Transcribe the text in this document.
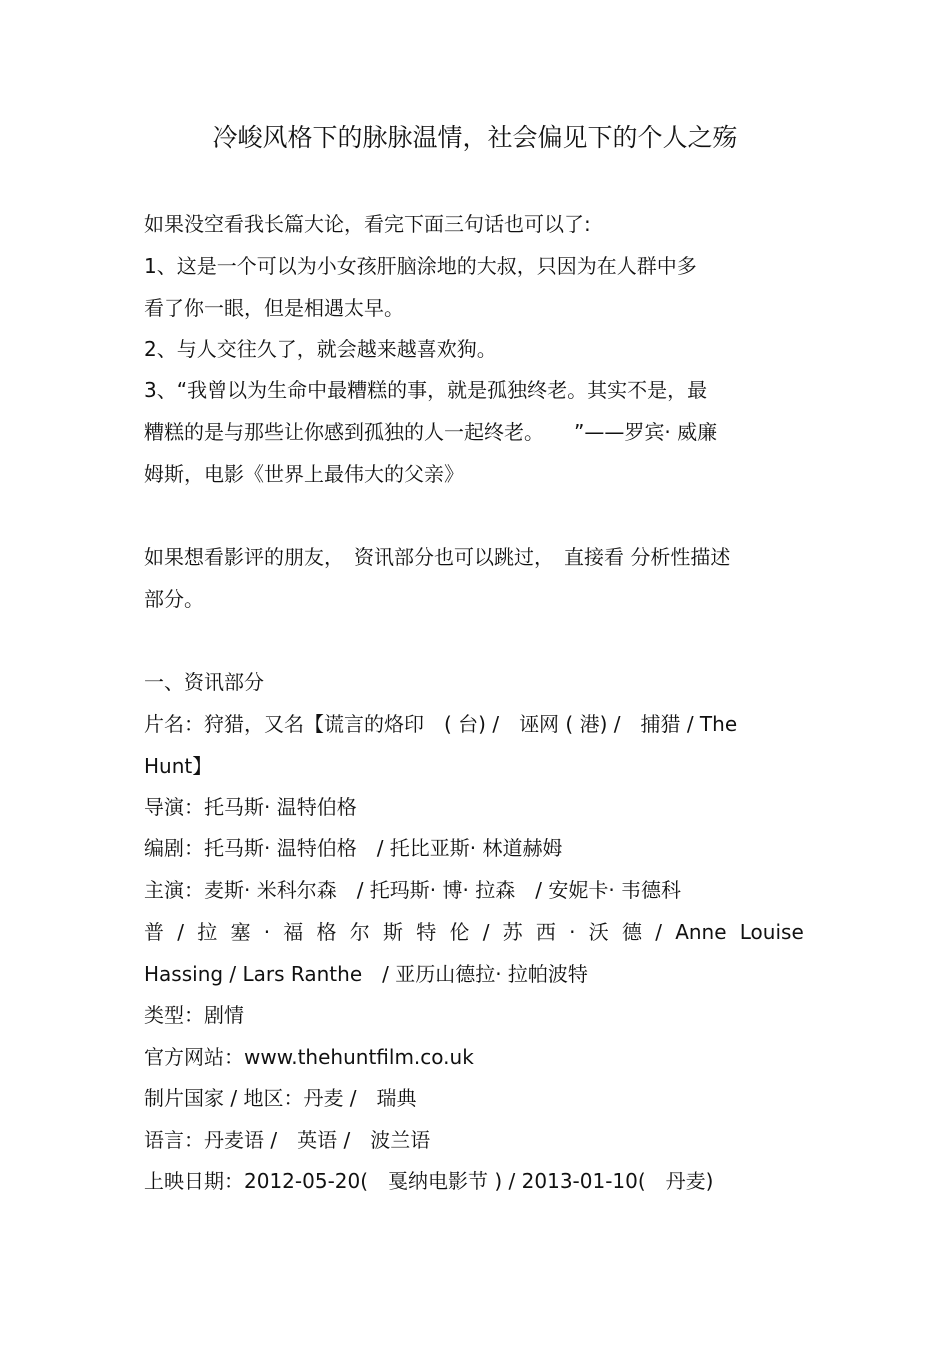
冷峻风格下的脉脉温情，社会偏见下的个人之殇
如果没空看我长篇大论，看完下面三句话也可以了:
1、这是一个可以为小女孩肝脑涂地的大叔，只因为在人群中多
看了你一眼，但是相遇太早。
2、与人交往久了，就会越来越喜欢狗。
3、“我曾以为生命中最糟糕的事，就是孤独终老。其实不是，最
糟糕的是与那些让你感到孤独的人一起终老。　　”——罗宾· 威廉
姆斯，电影《世界上最伟大的父亲》
如果想看影评的朋友，　资讯部分也可以跳过，　直接看 分析性描述
部分。
一、资讯部分
片名：狩猎，又名【谎言的烙印　( 台) /　诬网 ( 港) /　捕猎 / The
Hunt】
导演：托马斯· 温特伯格
编剧：托马斯· 温特伯格　/ 托比亚斯· 林道赫姆
主演：麦斯· 米科尔森　/ 托玛斯· 博· 拉森　/ 安妮卡· 韦德科
普 / 拉 塞 · 福 格 尔 斯 特 伦 / 苏 西 · 沃 德 / Anne Louise
Hassing / Lars Ranthe　/ 亚历山德拉· 拉帕波特
类型：剧情
官方网站：www.thehuntfilm.co.uk
制片国家 / 地区：丹麦 /　瑞典
语言：丹麦语 /　英语 /　波兰语
上映日期：2012-05-20(　戛纳电影节 ) / 2013-01-10(　丹麦)
